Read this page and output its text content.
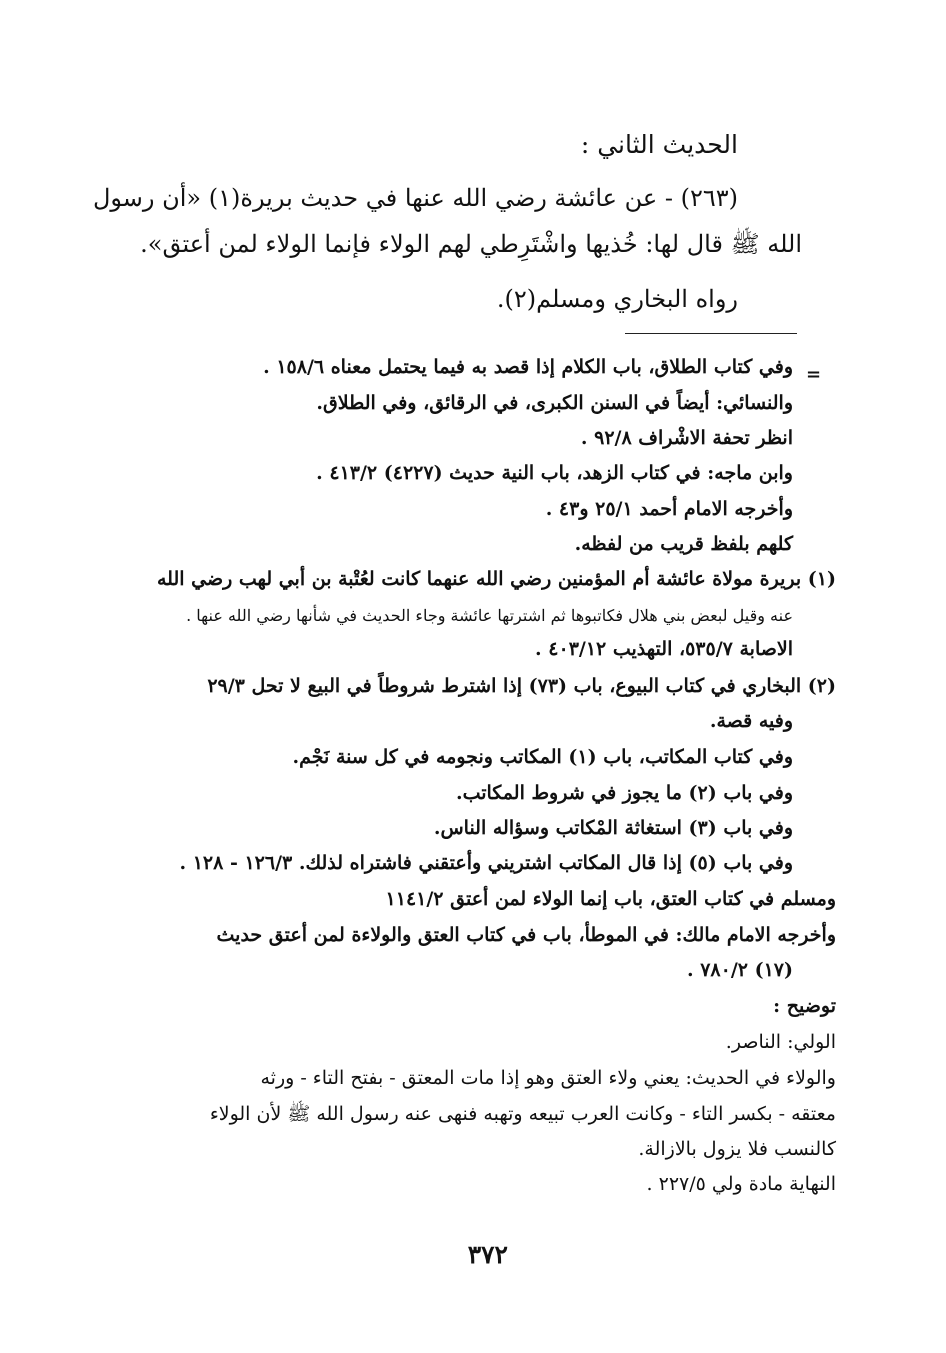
الحديث الثاني :
(٢٦٣) - عن عائشة رضي الله عنها في حديث بريرة(١) «أن رسول
الله ﷺ قال لها: خُذيها واشْتَرِطي لهم الولاء فإنما الولاء لمن أعتق».
رواه البخاري ومسلم(٢).
=
وفي كتاب الطلاق، باب الكلام إذا قصد به فيما يحتمل معناه ١٥٨/٦ .
والنسائي: أيضاً في السنن الكبرى، في الرقائق، وفي الطلاق.
انظر تحفة الاشْراف ٩٢/٨ .
وابن ماجه: في كتاب الزهد، باب النية حديث (٤٢٢٧) ٤١٣/٢ .
وأخرجه الامام أحمد ٢٥/١ و٤٣ .
كلهم بلفظ قريب من لفظه.
(١) بريرة مولاة عائشة أم المؤمنين رضي الله عنهما كانت لعُتْبة بن أبي لهب رضي الله
عنه وقيل لبعض بني هلال فكاتبوها ثم اشترتها عائشة وجاء الحديث في شأنها رضي الله عنها .
الاصابة ٥٣٥/٧، التهذيب ٤٠٣/١٢ .
(٢) البخاري في كتاب البيوع، باب (٧٣) إذا اشترط شروطاً في البيع لا تحل ٢٩/٣
وفيه قصة.
وفي كتاب المكاتب، باب (١) المكاتب ونجومه في كل سنة نَجْم.
وفي باب (٢) ما يجوز في شروط المكاتب.
وفي باب (٣) استغاثة المْكاتب وسؤاله الناس.
وفي باب (٥) إذا قال المكاتب اشتريني وأعتقني فاشتراه لذلك. ١٢٦/٣ - ١٢٨ .
ومسلم في كتاب العتق، باب إنما الولاء لمن أعتق ١١٤١/٢
وأخرجه الامام مالك: في الموطأ، باب في كتاب العتق والولاءة لمن أعتق حديث
(١٧) ٧٨٠/٢ .
توضيح :
الولي: الناصر.
والولاء في الحديث: يعني ولاء العتق وهو إذا مات المعتق - بفتح التاء - ورثه
معتقه - بكسر التاء - وكانت العرب تبيعه وتهبه فنهى عنه رسول الله ﷺ لأن الولاء
كالنسب فلا يزول بالازالة.
النهاية مادة ولي ٢٢٧/٥ .
٣٧٢
